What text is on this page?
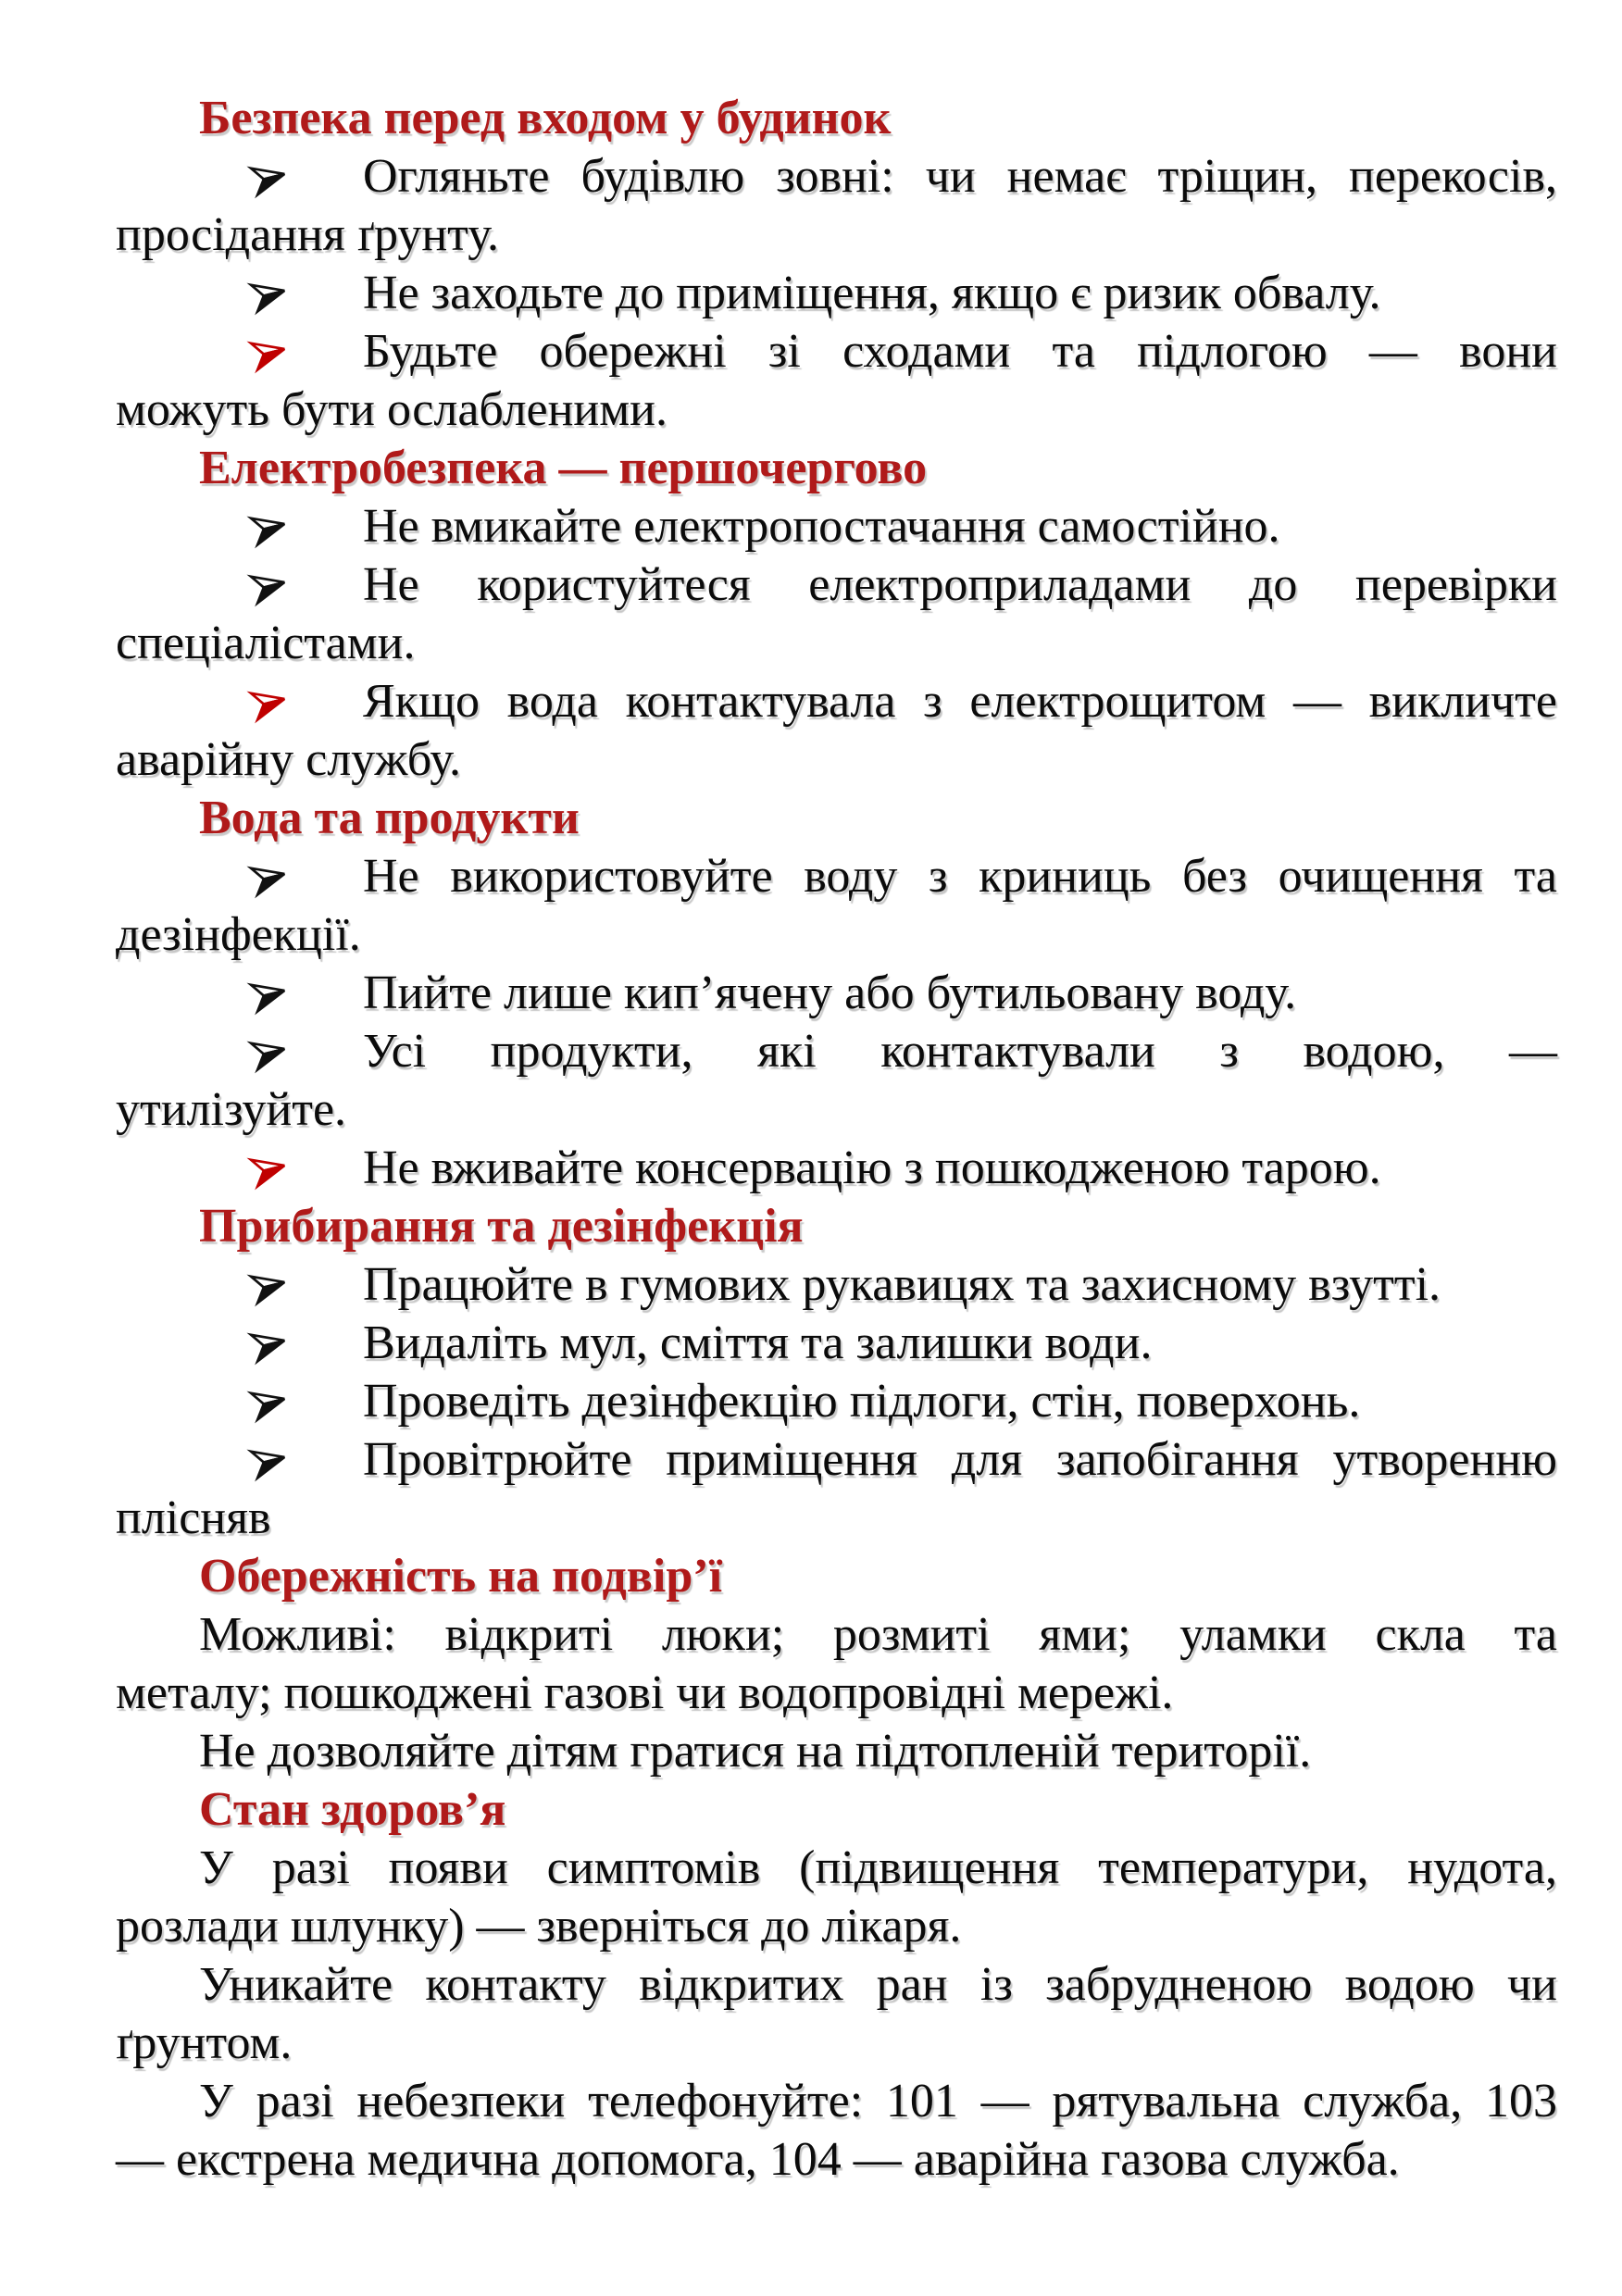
Безпека перед входом у будинок
Огляньте будівлю зовні: чи немає тріщин, перекосів,
просідання ґрунту.
Не заходьте до приміщення, якщо є ризик обвалу.
Будьте обережні зі сходами та підлогою — вони
можуть бути ослабленими.
Електробезпека — першочергово
Не вмикайте електропостачання самостійно.
Не користуйтеся електроприладами до перевірки
спеціалістами.
Якщо вода контактувала з електрощитом — викличте
аварійну службу.
Вода та продукти
Не використовуйте воду з криниць без очищення та
дезінфекції.
Пийте лише кип’ячену або бутильовану воду.
Усі продукти, які контактували з водою, —
утилізуйте.
Не вживайте консервацію з пошкодженою тарою.
Прибирання та дезінфекція
Працюйте в гумових рукавицях та захисному взутті.
Видаліть мул, сміття та залишки води.
Проведіть дезінфекцію підлоги, стін, поверхонь.
Провітрюйте приміщення для запобігання утворенню
плісняв
Обережність на подвір’ї
Можливі: відкриті люки; розмиті ями; уламки скла та
металу; пошкоджені газові чи водопровідні мережі.
Не дозволяйте дітям гратися на підтопленій території.
Стан здоров’я
У разі появи симптомів (підвищення температури, нудота,
розлади шлунку) — зверніться до лікаря.
Уникайте контакту відкритих ран із забрудненою водою чи
ґрунтом.
У разі небезпеки телефонуйте: 101 — рятувальна служба, 103
— екстрена медична допомога, 104 — аварійна газова служба.
